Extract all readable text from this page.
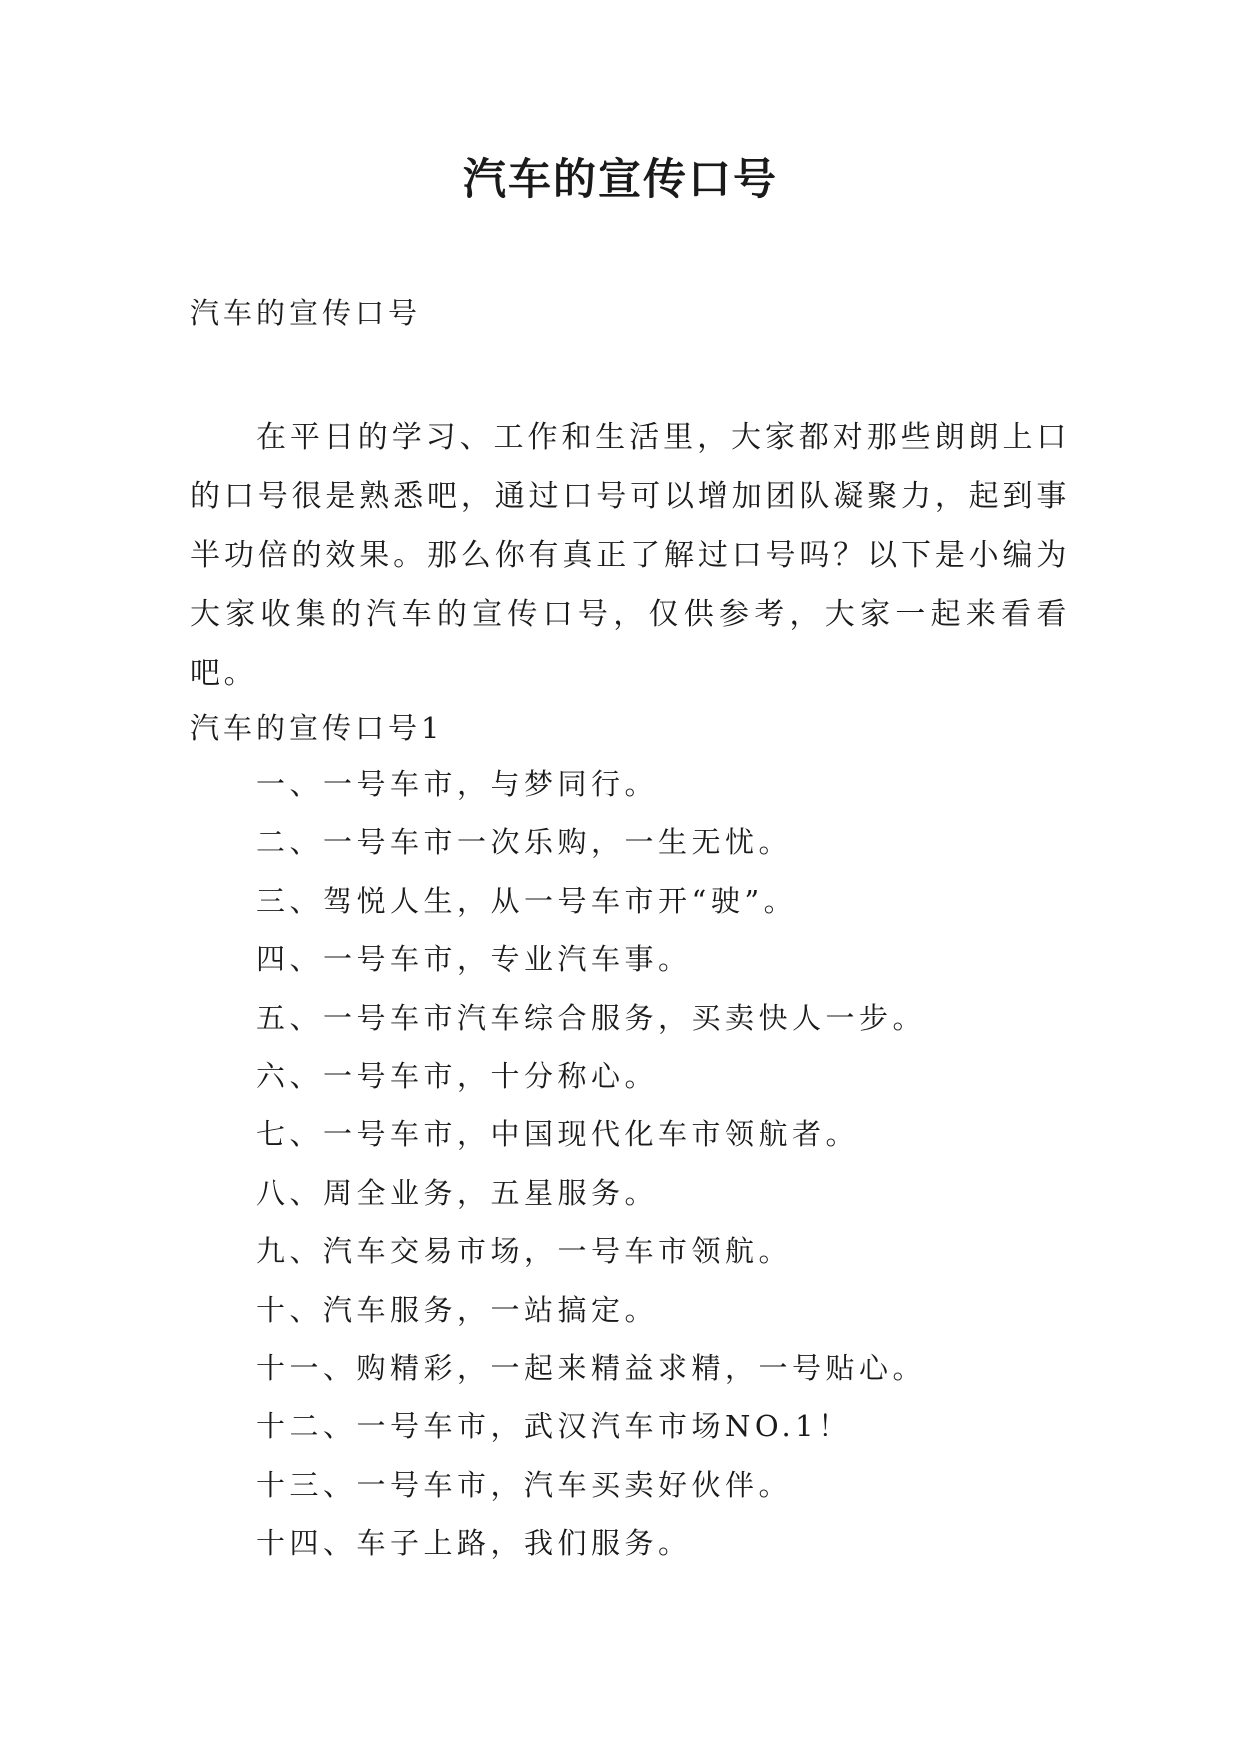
汽车的宣传口号
汽车的宣传口号

在平日的学习、工作和生活里，大家都对那些朗朗上口的口号很是熟悉吧，通过口号可以增加团队凝聚力，起到事半功倍的效果。那么你有真正了解过口号吗？以下是小编为大家收集的汽车的宣传口号，仅供参考，大家一起来看看吧。

汽车的宣传口号1
一、一号车市，与梦同行。
二、一号车市一次乐购，一生无忧。
三、驾悦人生，从一号车市开“驶”。
四、一号车市，专业汽车事。
五、一号车市汽车综合服务，买卖快人一步。
六、一号车市，十分称心。
七、一号车市，中国现代化车市领航者。
八、周全业务，五星服务。
九、汽车交易市场，一号车市领航。
十、汽车服务，一站搞定。
十一、购精彩，一起来精益求精，一号贴心。
十二、一号车市，武汉汽车市场NO.1！
十三、一号车市，汽车买卖好伙伴。
十四、车子上路，我们服务。
